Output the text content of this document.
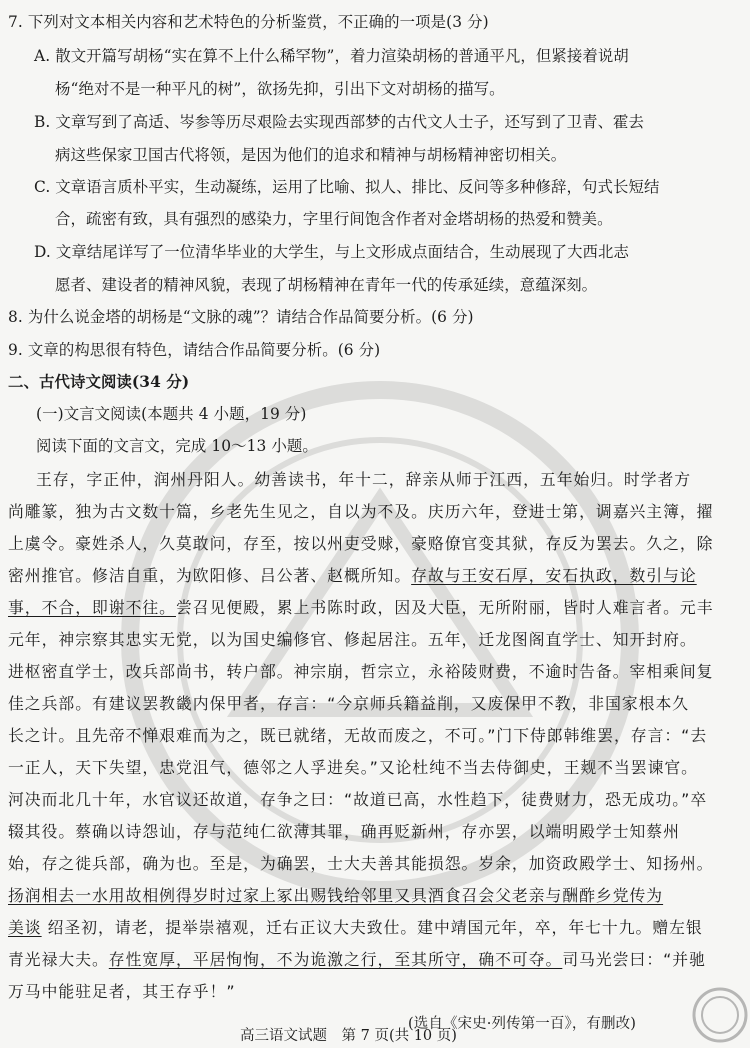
7. 下列对文本相关内容和艺术特色的分析鉴赏，不正确的一项是(3 分)
A. 散文开篇写胡杨“实在算不上什么稀罕物”，着力渲染胡杨的普通平凡，但紧接着说胡
杨“绝对不是一种平凡的树”，欲扬先抑，引出下文对胡杨的描写。
B. 文章写到了高适、岑参等历尽艰险去实现西部梦的古代文人士子，还写到了卫青、霍去
病这些保家卫国古代将领，是因为他们的追求和精神与胡杨精神密切相关。
C. 文章语言质朴平实，生动凝练，运用了比喻、拟人、排比、反问等多种修辞，句式长短结
合，疏密有致，具有强烈的感染力，字里行间饱含作者对金塔胡杨的热爱和赞美。
D. 文章结尾详写了一位清华毕业的大学生，与上文形成点面结合，生动展现了大西北志
愿者、建设者的精神风貌，表现了胡杨精神在青年一代的传承延续，意蕴深刻。
8. 为什么说金塔的胡杨是“文脉的魂”？请结合作品简要分析。(6 分)
9. 文章的构思很有特色，请结合作品简要分析。(6 分)
二、古代诗文阅读(34 分)
(一)文言文阅读(本题共 4 小题，19 分)
阅读下面的文言文，完成 10～13 小题。
王存，字正仲，润州丹阳人。幼善读书，年十二，辞亲从师于江西，五年始归。时学者方
尚雕篆，独为古文数十篇，乡老先生见之，自以为不及。庆历六年，登进士第，调嘉兴主簿，擢
上虞令。豪姓杀人，久莫敢问，存至，按以州吏受赇，豪赂僚官变其狱，存反为罢去。久之，除
密州推官。修洁自重，为欧阳修、吕公著、赵概所知。存故与王安石厚，安石执政，数引与论
事，不合，即谢不往。尝召见便殿，累上书陈时政，因及大臣，无所附丽，皆时人难言者。元丰
元年，神宗察其忠实无党，以为国史编修官、修起居注。五年，迁龙图阁直学士、知开封府。
进枢密直学士，改兵部尚书，转户部。神宗崩，哲宗立，永裕陵财费，不逾时告备。宰相乘间复
佳之兵部。有建议罢教畿内保甲者，存言：“今京师兵籍益削，又废保甲不教，非国家根本久
长之计。且先帝不惮艰难而为之，既已就绪，无故而废之，不可。”门下侍郎韩维罢，存言：“去
一正人，天下失望，忠党沮气，德邻之人孚进矣。”又论杜纯不当去侍御史，王觌不当罢谏官。
河决而北几十年，水官议还故道，存争之曰：“故道已高，水性趋下，徒费财力，恐无成功。”卒
辍其役。蔡确以诗怨讪，存与范纯仁欲薄其罪，确再贬新州，存亦罢，以端明殿学士知蔡州
始，存之徙兵部，确为也。至是，为确罢，士大夫善其能损怨。岁余，加资政殿学士、知扬州。
扬润相去一水用故相例得岁时过家上冢出赐钱给邻里又具酒食召会父老亲与酬酢乡党传为
美谈 绍圣初，请老，提举崇禧观，迁右正议大夫致仕。建中靖国元年，卒，年七十九。赠左银
青光禄大夫。存性宽厚，平居恂恂，不为诡激之行，至其所守，确不可夺。司马光尝曰：“并驰
万马中能驻足者，其王存乎！”
(选自《宋史·列传第一百》，有删改)
高三语文试题　第 7 页(共 10 页)
